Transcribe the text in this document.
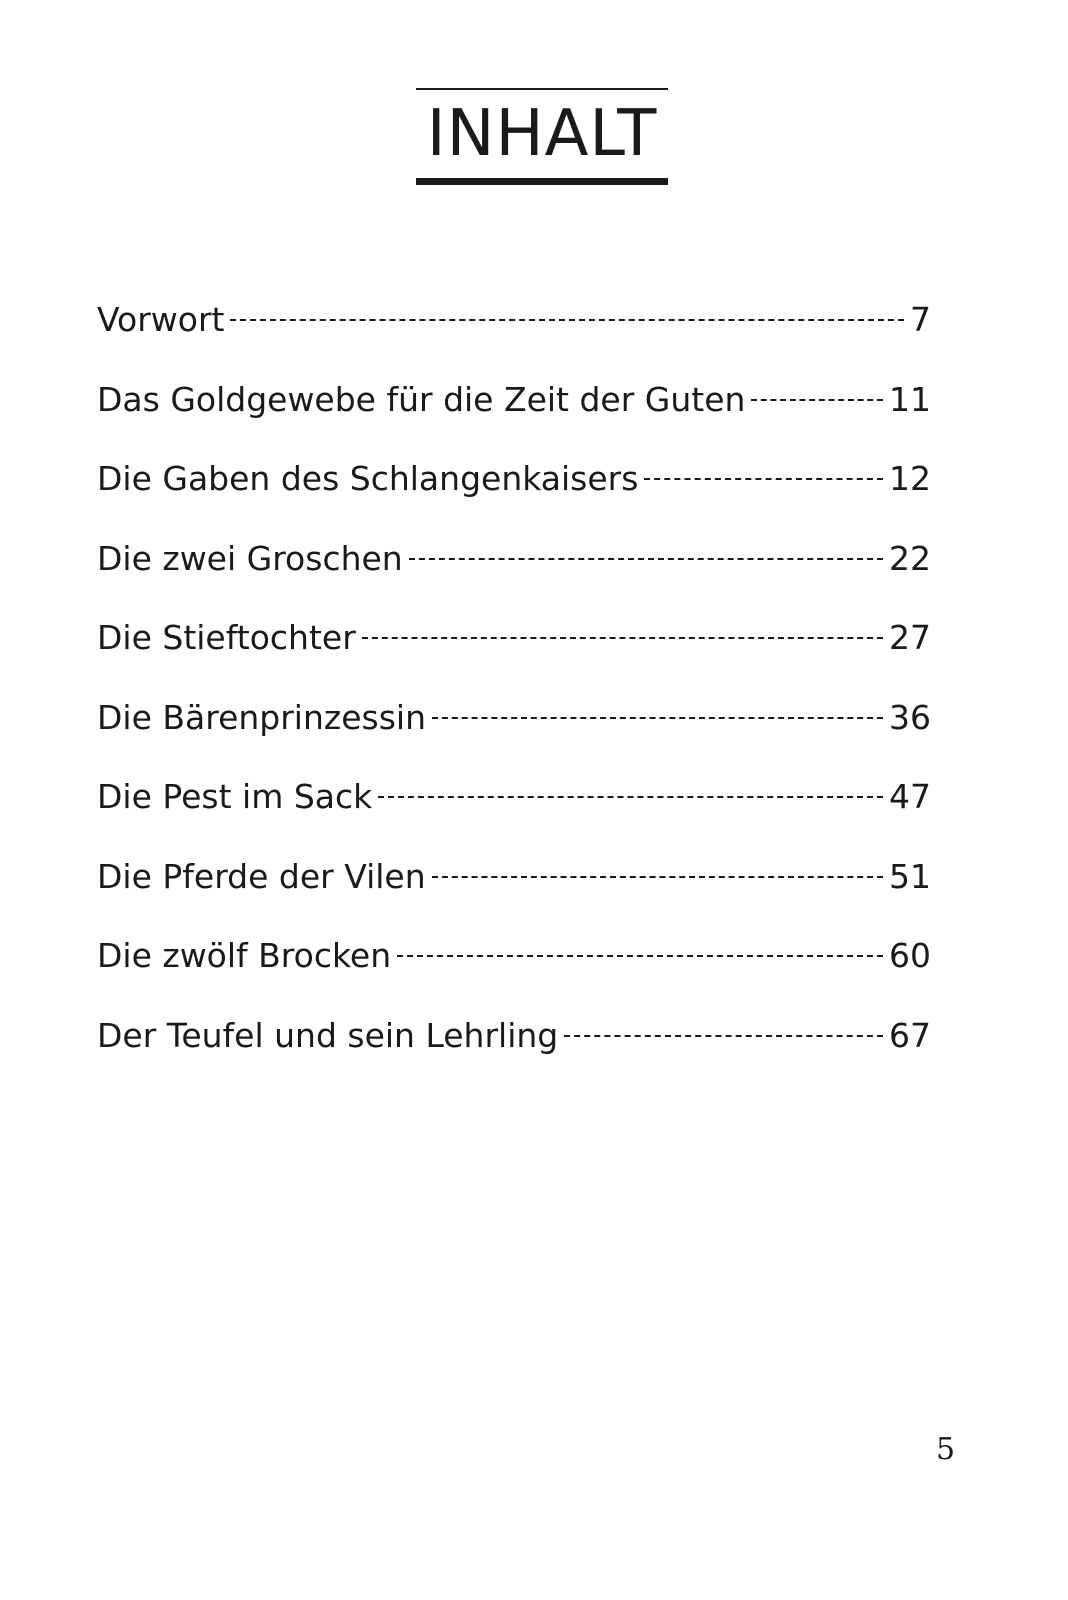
INHALT
Vorwort	7
Das Goldgewebe für die Zeit der Guten	11
Die Gaben des Schlangenkaisers	12
Die zwei Groschen	22
Die Stieftochter	27
Die Bärenprinzessin	36
Die Pest im Sack	47
Die Pferde der Vilen	51
Die zwölf Brocken	60
Der Teufel und sein Lehrling	67
5
